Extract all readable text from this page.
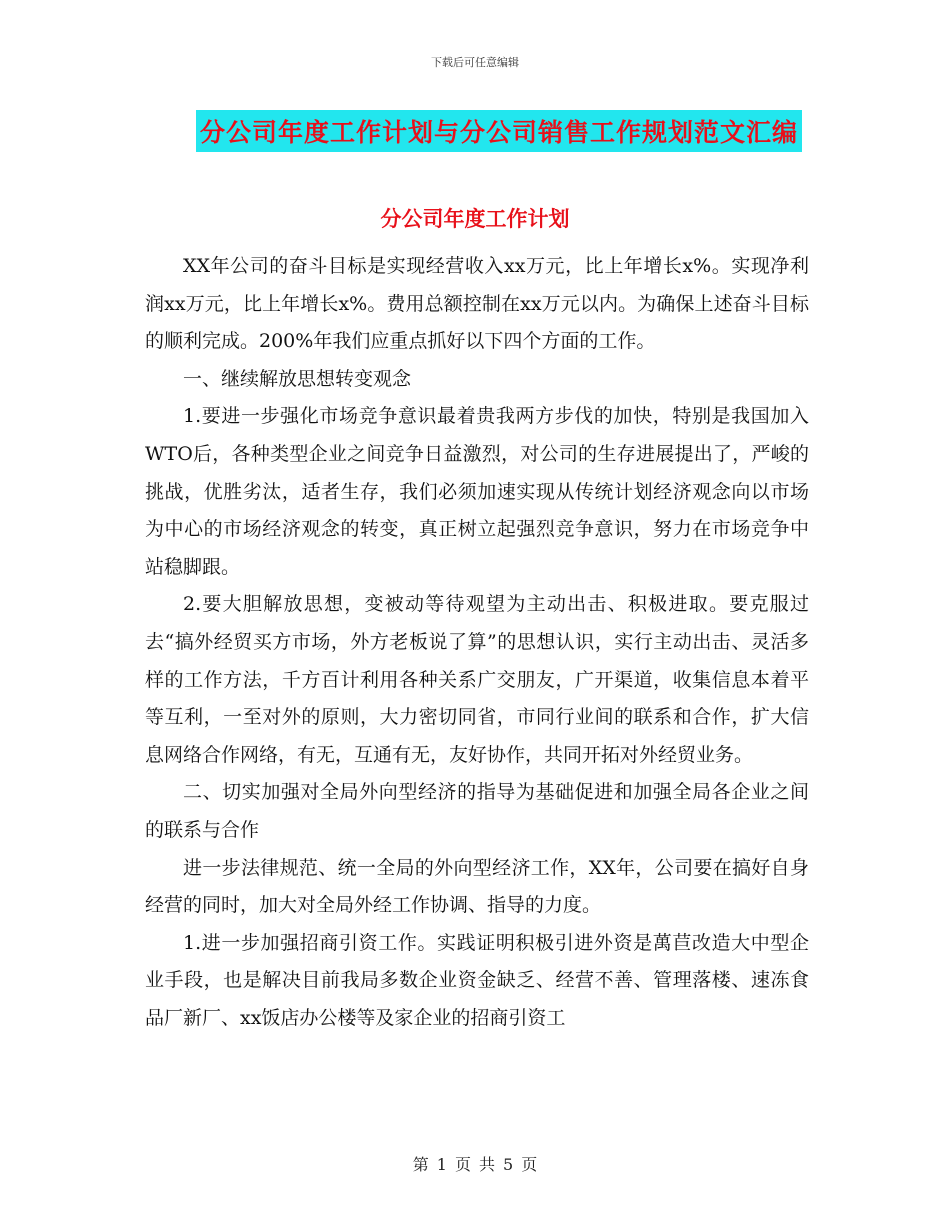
下载后可任意编辑
分公司年度工作计划与分公司销售工作规划范文汇编
分公司年度工作计划

XX年公司的奋斗目标是实现经营收入xx万元，比上年增长x%。实现净利润xx万元，比上年增长x%。费用总额控制在xx万元以内。为确保上述奋斗目标的顺利完成。200%年我们应重点抓好以下四个方面的工作。

一、继续解放思想转变观念

1.要进一步强化市场竞争意识最着贵我两方步伐的加快，特别是我国加入WTO后，各种类型企业之间竞争日益激烈，对公司的生存进展提出了，严峻的挑战，优胜劣汰，适者生存，我们必须加速实现从传统计划经济观念向以市场为中心的市场经济观念的转变，真正树立起强烈竞争意识，努力在市场竞争中站稳脚跟。

2.要大胆解放思想，变被动等待观望为主动出击、积极进取。要克服过去“搞外经贸买方市场，外方老板说了算”的思想认识，实行主动出击、灵活多样的工作方法，千方百计利用各种关系广交朋友，广开渠道，收集信息本着平等互利，一至对外的原则，大力密切同省，市同行业间的联系和合作，扩大信息网络合作网络，有无，互通有无，友好协作，共同开拓对外经贸业务。

二、切实加强对全局外向型经济的指导为基础促进和加强全局各企业之间的联系与合作

进一步法律规范、统一全局的外向型经济工作，XX年，公司要在搞好自身经营的同时，加大对全局外经工作协调、指导的力度。

1.进一步加强招商引资工作。实践证明积极引进外资是萬苣改造大中型企业手段，也是解决目前我局多数企业资金缺乏、经营不善、管理落楼、速冻食品厂新厂、xx饭店办公楼等及家企业的招商引资工

第 1 页 共 5 页
